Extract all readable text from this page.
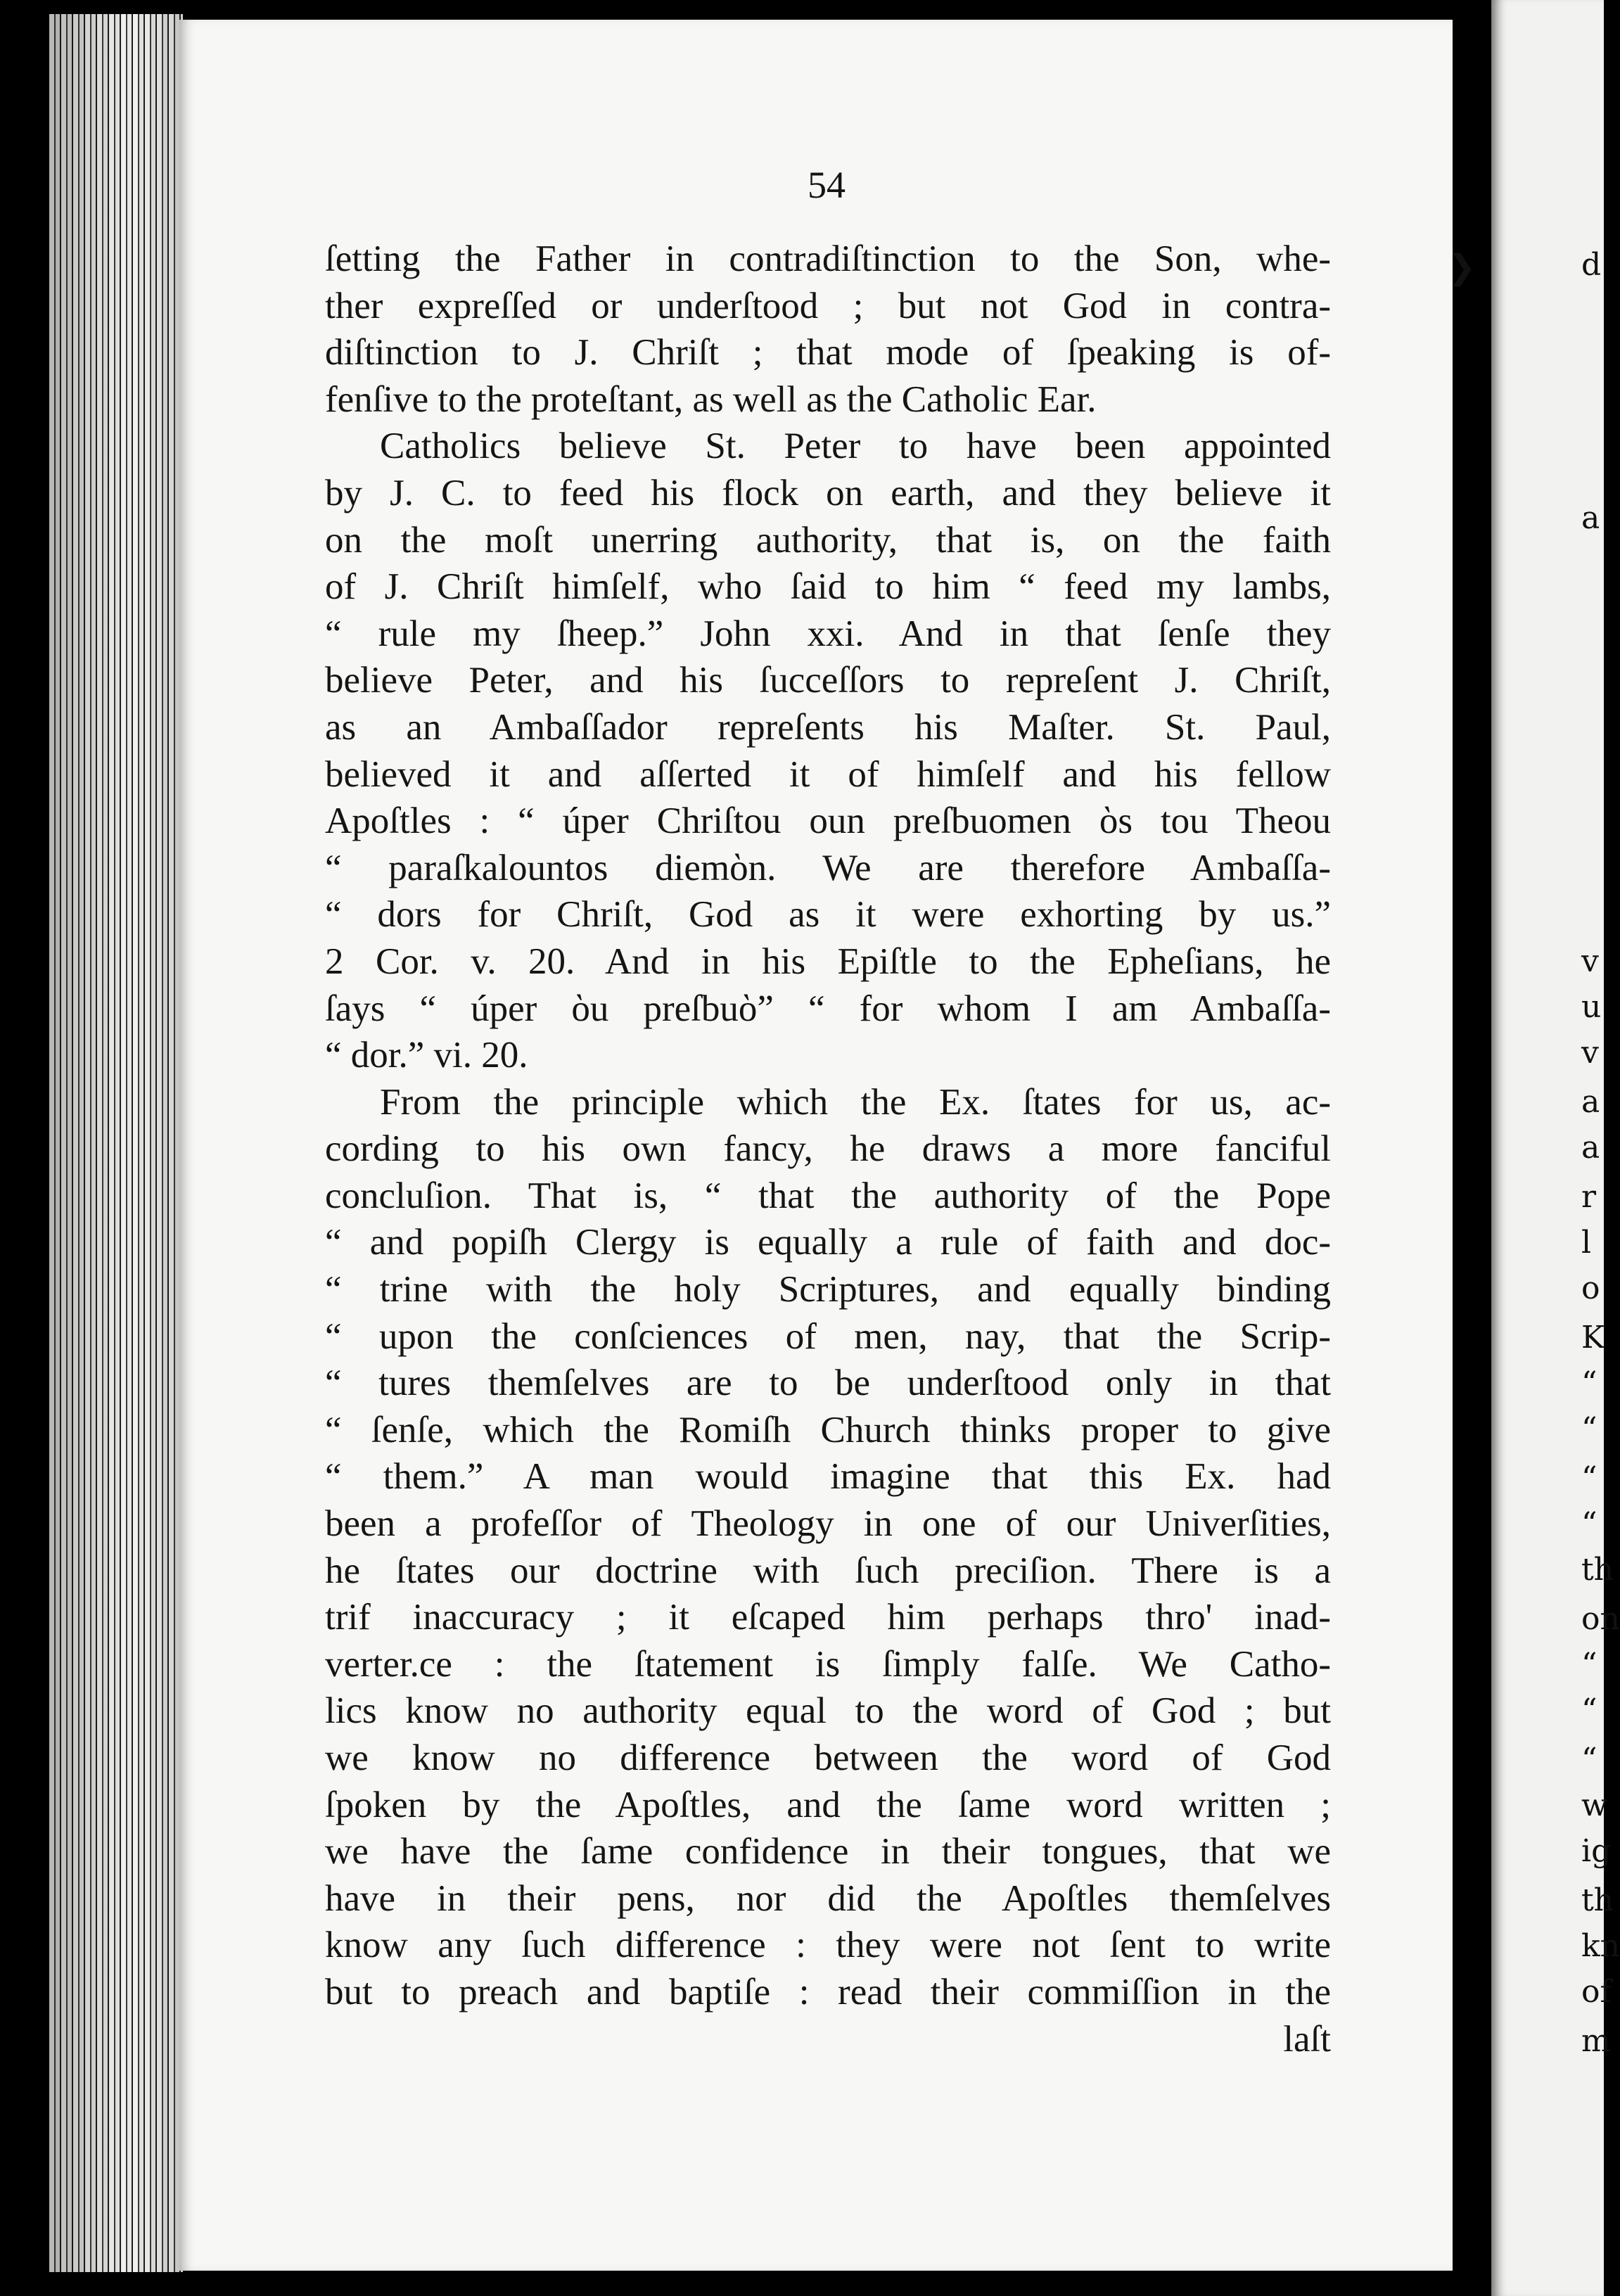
d
a
v
u
v
a
a
r
l
o
K
“
“
“
“
th
on
“
“
“
w
ig
th
kn
of
m
❯
54
ſetting the Father in contradiſtinction to the Son, whe-
ther expreſſed or underſtood ; but not God in contra-
diſtinction to J. Chriſt ; that mode of ſpeaking is of-
fenſive to the proteſtant, as well as the Catholic Ear.
Catholics believe St. Peter to have been appointed
by J. C. to feed his flock on earth, and they believe it
on the moſt unerring authority, that is, on the faith
of J. Chriſt himſelf, who ſaid to him “ feed my lambs,
“ rule my ſheep.” John xxi. And in that ſenſe they
believe Peter, and his ſucceſſors to repreſent J. Chriſt,
as an Ambaſſador repreſents his Maſter. St. Paul,
believed it and aſſerted it of himſelf and his fellow
Apoſtles : “ úper Chriſtou oun preſbuomen ὸs tou Theou
“ paraſkalountos diemὸn. We are therefore Ambaſſa-
“ dors for Chriſt, God as it were exhorting by us.”
2 Cor. v. 20. And in his Epiſtle to the Epheſians, he
ſays “ úper ὸu preſbuὸ” “ for whom I am Ambaſſa-
“ dor.” vi. 20.
From the principle which the Ex. ſtates for us, ac-
cording to his own fancy, he draws a more fanciful
concluſion. That is, “ that the authority of the Pope
“ and popiſh Clergy is equally a rule of faith and doc-
“ trine with the holy Scriptures, and equally binding
“ upon the conſciences of men, nay, that the Scrip-
“ tures themſelves are to be underſtood only in that
“ ſenſe, which the Romiſh Church thinks proper to give
“ them.” A man would imagine that this Ex. had
been a profeſſor of Theology in one of our Univerſities,
he ſtates our doctrine with ſuch preciſion. There is a
trif inaccuracy ; it eſcaped him perhaps thro' inad-
verter.ce : the ſtatement is ſimply falſe. We Catho-
lics know no authority equal to the word of God ; but
we know no difference between the word of God
ſpoken by the Apoſtles, and the ſame word written ;
we have the ſame confidence in their tongues, that we
have in their pens, nor did the Apoſtles themſelves
know any ſuch difference : they were not ſent to write
but to preach and baptiſe : read their commiſſion in the
laſt
